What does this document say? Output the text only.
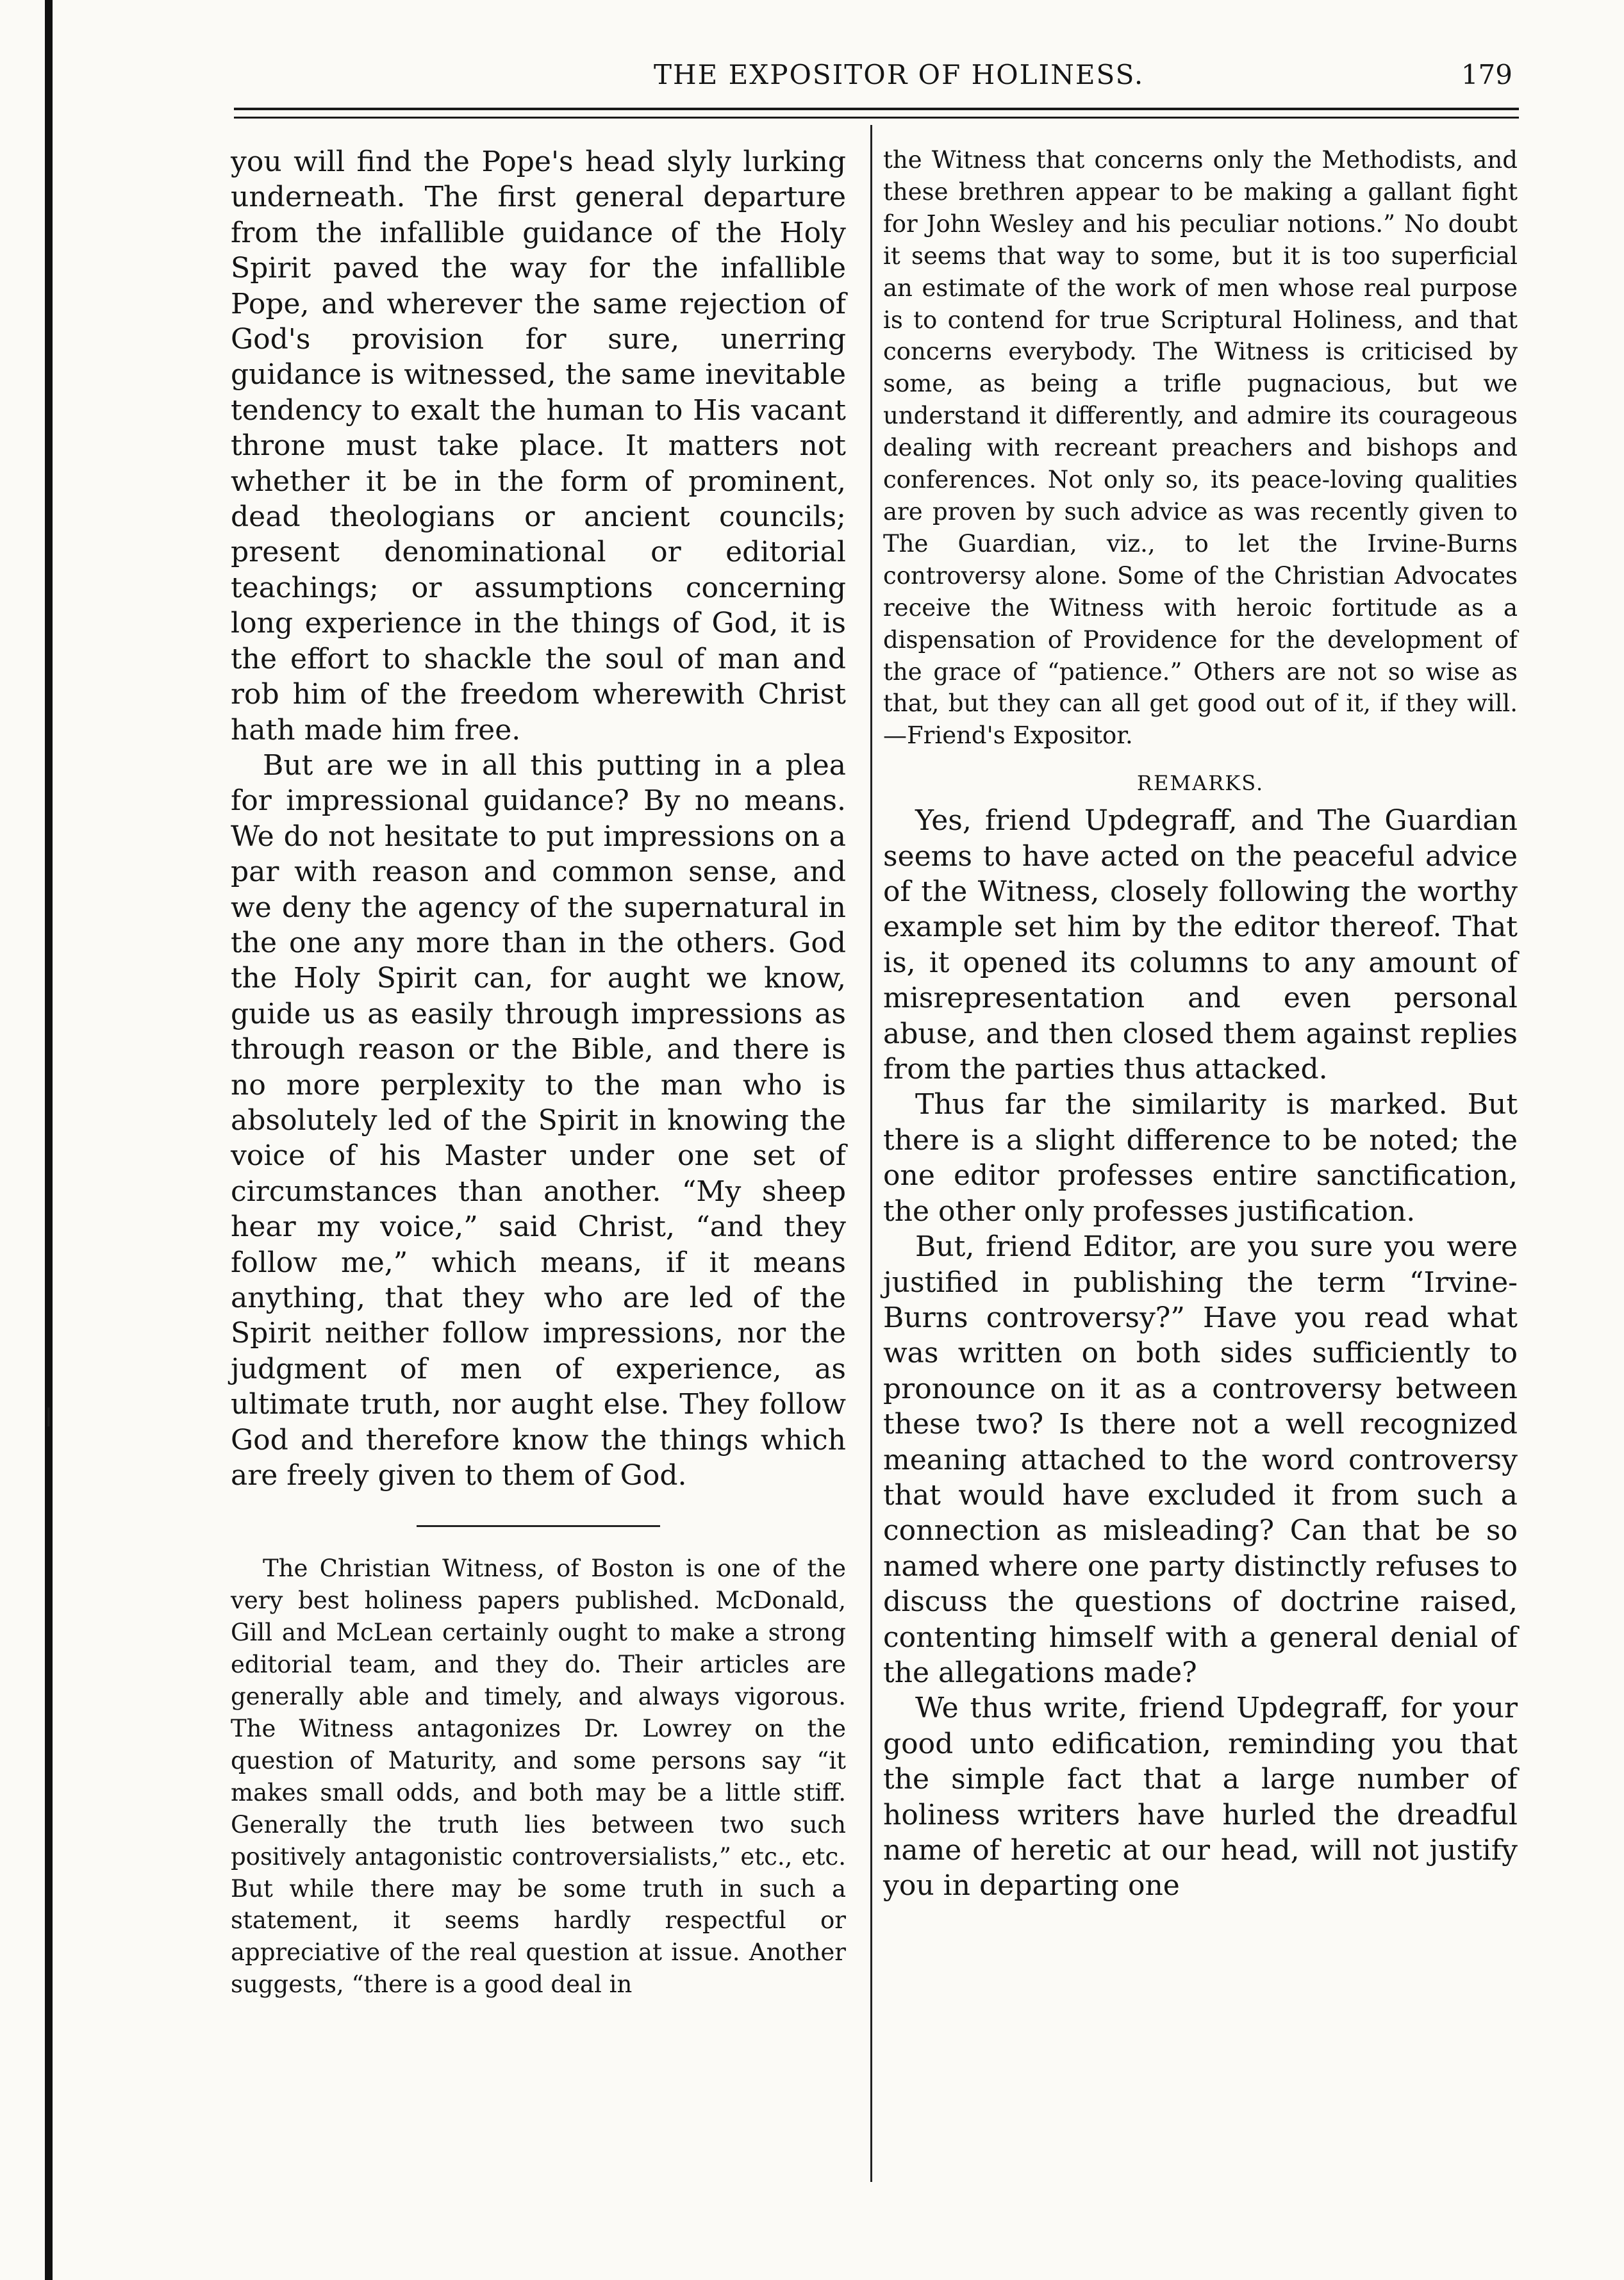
ǀ
THE EXPOSITOR OF HOLINESS.	179

you will find the Pope's head slyly lurking underneath. The first general departure from the infallible guidance of the Holy Spirit paved the way for the infallible Pope, and wherever the same rejection of God's provision for sure, unerring guidance is witnessed, the same inevitable tendency to exalt the human to His vacant throne must take place. It matters not whether it be in the form of prominent, dead theologians or ancient councils; present denominational or editorial teachings; or assumptions concerning long experience in the things of God, it is the effort to shackle the soul of man and rob him of the freedom wherewith Christ hath made him free.

But are we in all this putting in a plea for impressional guidance? By no means. We do not hesitate to put impressions on a par with reason and common sense, and we deny the agency of the supernatural in the one any more than in the others. God the Holy Spirit can, for aught we know, guide us as easily through impressions as through reason or the Bible, and there is no more perplexity to the man who is absolutely led of the Spirit in knowing the voice of his Master under one set of circumstances than another. “My sheep hear my voice,” said Christ, “and they follow me,” which means, if it means anything, that they who are led of the Spirit neither follow impressions, nor the judgment of men of experience, as ultimate truth, nor aught else. They follow God and therefore know the things which are freely given to them of God.

The Christian Witness, of Boston is one of the very best holiness papers published. McDonald, Gill and McLean certainly ought to make a strong editorial team, and they do. Their articles are generally able and timely, and always vigorous. The Witness antagonizes Dr. Lowrey on the question of Maturity, and some persons say “it makes small odds, and both may be a little stiff. Generally the truth lies between two such positively antagonistic controversialists,” etc., etc. But while there may be some truth in such a statement, it seems hardly respectful or appreciative of the real question at issue. Another suggests, “there is a good deal in

the Witness that concerns only the Methodists, and these brethren appear to be making a gallant fight for John Wesley and his peculiar notions.” No doubt it seems that way to some, but it is too superficial an estimate of the work of men whose real purpose is to contend for true Scriptural Holiness, and that concerns everybody. The Witness is criticised by some, as being a trifle pugnacious, but we understand it differently, and admire its courageous dealing with recreant preachers and bishops and conferences. Not only so, its peace-loving qualities are proven by such advice as was recently given to The Guardian, viz., to let the Irvine-Burns controversy alone. Some of the Christian Advocates receive the Witness with heroic fortitude as a dispensation of Providence for the development of the grace of “patience.” Others are not so wise as that, but they can all get good out of it, if they will.—Friend's Expositor.

REMARKS.

Yes, friend Updegraff, and The Guardian seems to have acted on the peaceful advice of the Witness, closely following the worthy example set him by the editor thereof. That is, it opened its columns to any amount of misrepresentation and even personal abuse, and then closed them against replies from the parties thus attacked.

Thus far the similarity is marked. But there is a slight difference to be noted; the one editor professes entire sanctification, the other only professes justification.

But, friend Editor, are you sure you were justified in publishing the term “Irvine-Burns controversy?” Have you read what was written on both sides sufficiently to pronounce on it as a controversy between these two? Is there not a well recognized meaning attached to the word controversy that would have excluded it from such a connection as misleading? Can that be so named where one party distinctly refuses to discuss the questions of doctrine raised, contenting himself with a general denial of the allegations made?

We thus write, friend Updegraff, for your good unto edification, reminding you that the simple fact that a large number of holiness writers have hurled the dreadful name of heretic at our head, will not justify you in departing one
